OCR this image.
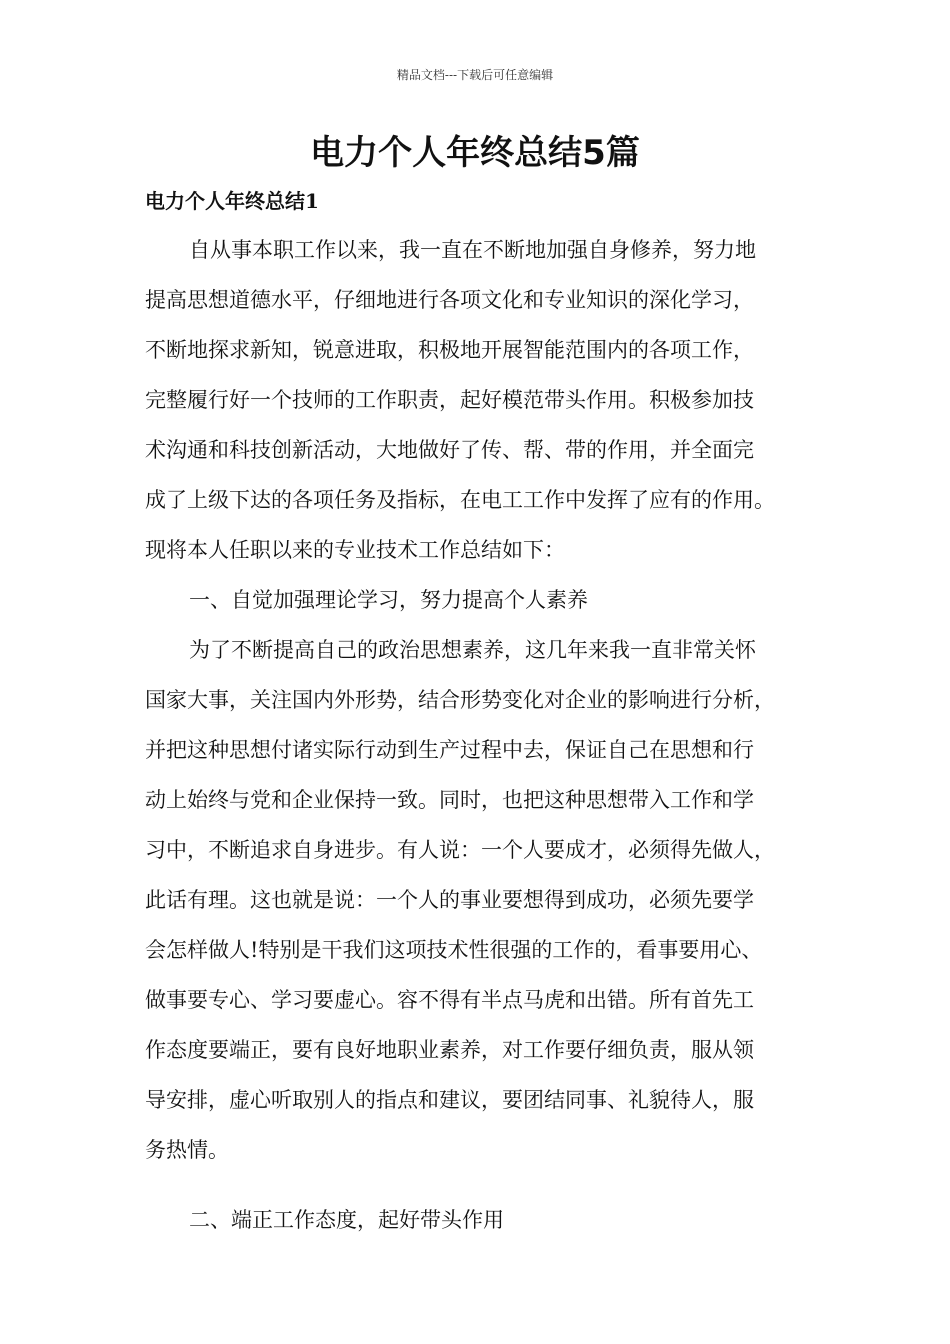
精品文档---下载后可任意编辑
电力个人年终总结5篇
电力个人年终总结1
自从事本职工作以来，我一直在不断地加强自身修养，努力地
提高思想道德水平，仔细地进行各项文化和专业知识的深化学习，
不断地探求新知，锐意进取，积极地开展智能范围内的各项工作，
完整履行好一个技师的工作职责，起好模范带头作用。积极参加技
术沟通和科技创新活动，大地做好了传、帮、带的作用，并全面完
成了上级下达的各项任务及指标，在电工工作中发挥了应有的作用。
现将本人任职以来的专业技术工作总结如下：
一、自觉加强理论学习，努力提高个人素养
为了不断提高自己的政治思想素养，这几年来我一直非常关怀
国家大事，关注国内外形势，结合形势变化对企业的影响进行分析，
并把这种思想付诸实际行动到生产过程中去，保证自己在思想和行
动上始终与党和企业保持一致。同时，也把这种思想带入工作和学
习中，不断追求自身进步。有人说：一个人要成才，必须得先做人，
此话有理。这也就是说：一个人的事业要想得到成功，必须先要学
会怎样做人!特别是干我们这项技术性很强的工作的，看事要用心、
做事要专心、学习要虚心。容不得有半点马虎和出错。所有首先工
作态度要端正，要有良好地职业素养，对工作要仔细负责，服从领
导安排，虚心听取别人的指点和建议，要团结同事、礼貌待人，服
务热情。
二、端正工作态度，起好带头作用
